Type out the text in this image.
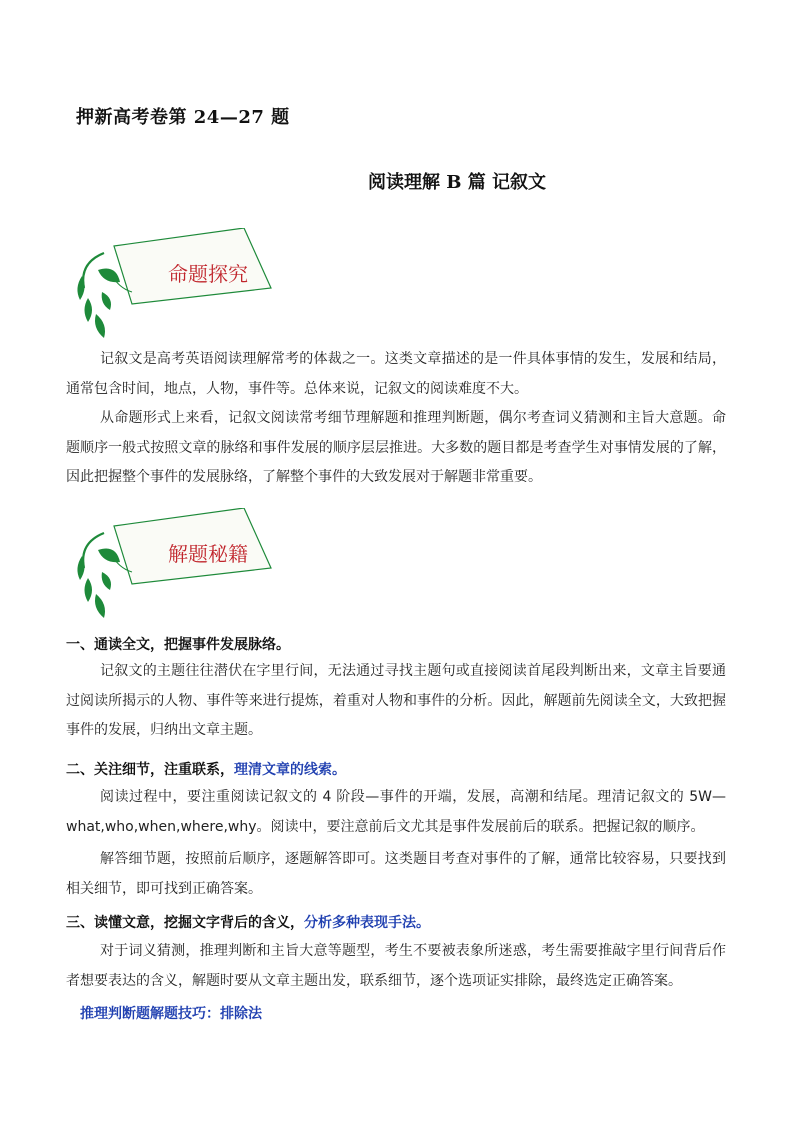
押新高考卷第 24—27 题
阅读理解 B 篇 记叙文
命题探究
记叙文是高考英语阅读理解常考的体裁之一。这类文章描述的是一件具体事情的发生，发展和结局，通常包含时间，地点，人物，事件等。总体来说，记叙文的阅读难度不大。
从命题形式上来看，记叙文阅读常考细节理解题和推理判断题，偶尔考查词义猜测和主旨大意题。命题顺序一般式按照文章的脉络和事件发展的顺序层层推进。大多数的题目都是考查学生对事情发展的了解，因此把握整个事件的发展脉络，了解整个事件的大致发展对于解题非常重要。
解题秘籍
一、通读全文，把握事件发展脉络。
记叙文的主题往往潜伏在字里行间，无法通过寻找主题句或直接阅读首尾段判断出来，文章主旨要通过阅读所揭示的人物、事件等来进行提炼，着重对人物和事件的分析。因此，解题前先阅读全文，大致把握事件的发展，归纳出文章主题。
二、关注细节，注重联系，理清文章的线索。
阅读过程中，要注重阅读记叙文的 4 阶段—事件的开端，发展，高潮和结尾。理清记叙文的 5W—what,who,when,where,why。阅读中，要注意前后文尤其是事件发展前后的联系。把握记叙的顺序。
解答细节题，按照前后顺序，逐题解答即可。这类题目考查对事件的了解，通常比较容易，只要找到相关细节，即可找到正确答案。
三、读懂文意，挖掘文字背后的含义，分析多种表现手法。
对于词义猜测，推理判断和主旨大意等题型，考生不要被表象所迷惑，考生需要推敲字里行间背后作者想要表达的含义，解题时要从文章主题出发，联系细节，逐个选项证实排除，最终选定正确答案。
推理判断题解题技巧：排除法
